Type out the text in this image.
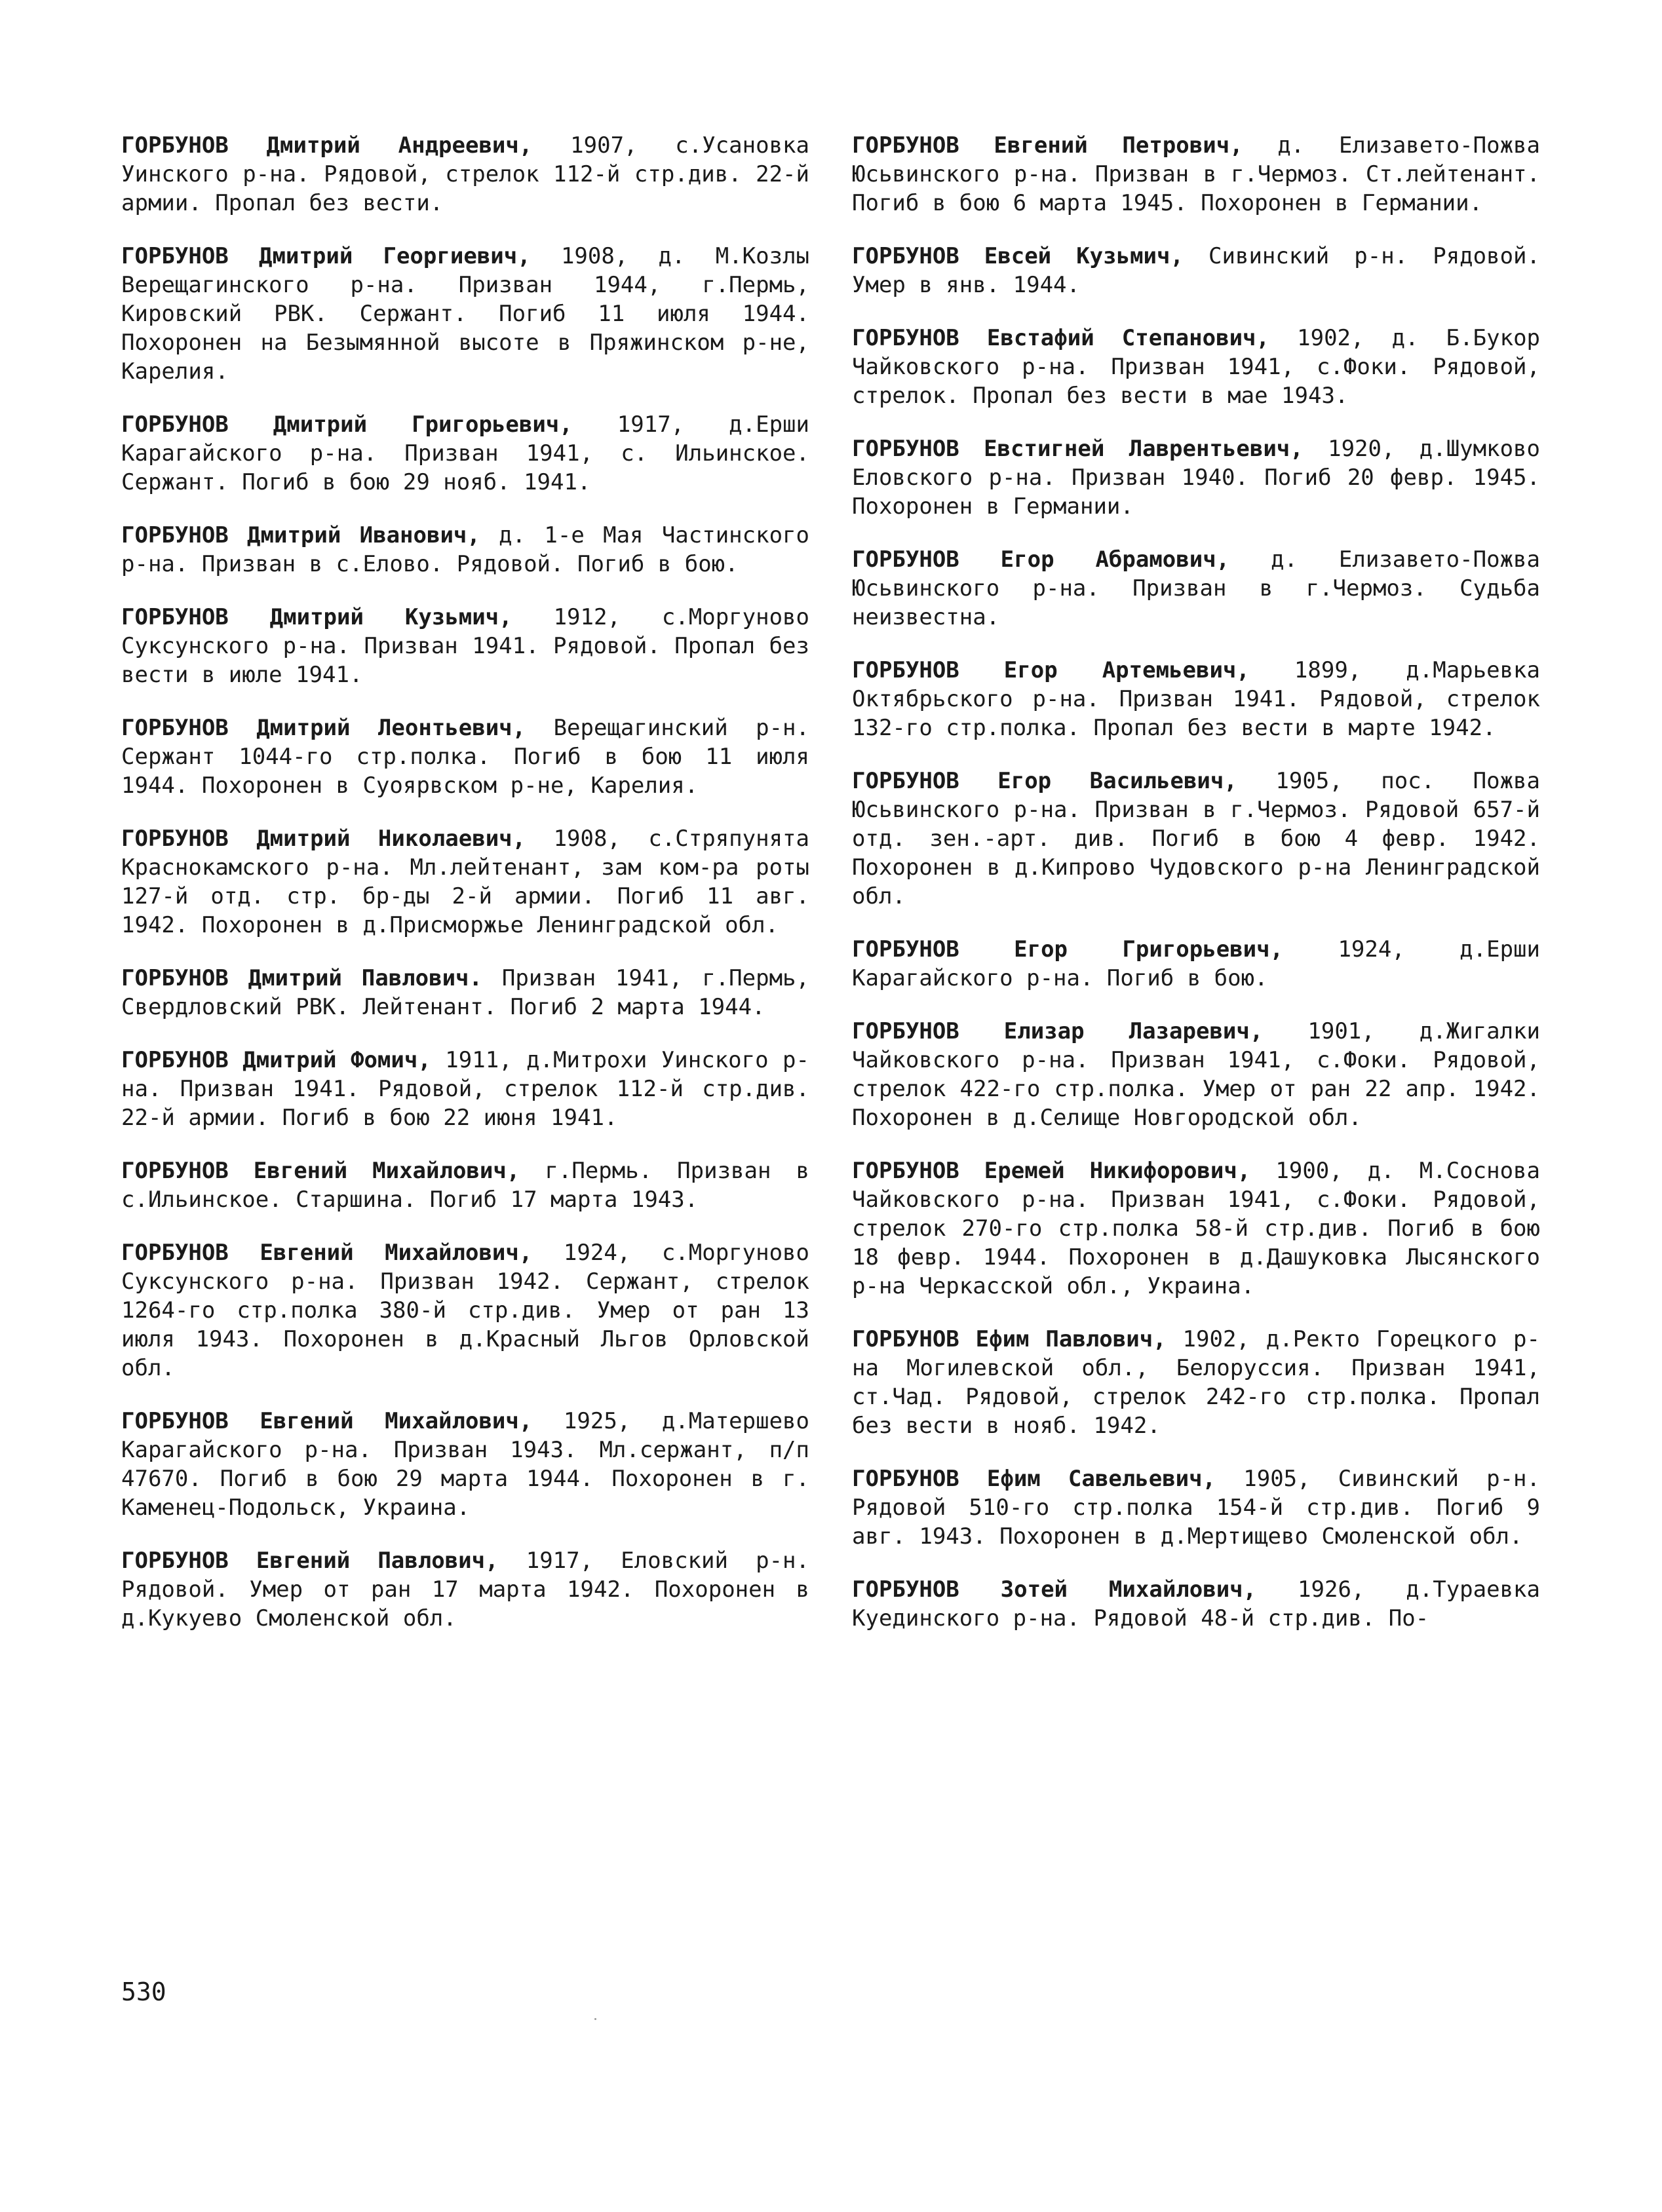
ГОРБУНОВ Дмитрий Андреевич, 1907, с.Усановка Уинского р-на. Рядовой, стрелок 112-й стр.див. 22-й армии. Пропал без вести.

ГОРБУНОВ Дмитрий Георгиевич, 1908, д. М.Козлы Верещагинского р-на. Призван 1944, г.Пермь, Кировский РВК. Сержант. Погиб 11 июля 1944. Похоронен на Безымянной высоте в Пряжинском р-не, Карелия.

ГОРБУНОВ Дмитрий Григорьевич, 1917, д.Ерши Карагайского р-на. Призван 1941, с. Ильинское. Сержант. Погиб в бою 29 нояб. 1941.

ГОРБУНОВ Дмитрий Иванович, д. 1-е Мая Частинского р-на. Призван в с.Елово. Рядовой. Погиб в бою.

ГОРБУНОВ Дмитрий Кузьмич, 1912, с.Моргуново Суксунского р-на. Призван 1941. Рядовой. Пропал без вести в июле 1941.

ГОРБУНОВ Дмитрий Леонтьевич, Верещагинский р-н. Сержант 1044-го стр.полка. Погиб в бою 11 июля 1944. Похоронен в Суоярвском р-не, Карелия.

ГОРБУНОВ Дмитрий Николаевич, 1908, с.Стряпунята Краснокамского р-на. Мл.лейтенант, зам ком-ра роты 127-й отд. стр. бр-ды 2-й армии. Погиб 11 авг. 1942. Похоронен в д.Присморжье Ленинградской обл.

ГОРБУНОВ Дмитрий Павлович. Призван 1941, г.Пермь, Свердловский РВК. Лейтенант. Погиб 2 марта 1944.

ГОРБУНОВ Дмитрий Фомич, 1911, д.Митрохи Уинского р-на. Призван 1941. Рядовой, стрелок 112-й стр.див. 22-й армии. Погиб в бою 22 июня 1941.

ГОРБУНОВ Евгений Михайлович, г.Пермь. Призван в с.Ильинское. Старшина. Погиб 17 марта 1943.

ГОРБУНОВ Евгений Михайлович, 1924, с.Моргуново Суксунского р-на. Призван 1942. Сержант, стрелок 1264-го стр.полка 380-й стр.див. Умер от ран 13 июля 1943. Похоронен в д.Красный Льгов Орловской обл.

ГОРБУНОВ Евгений Михайлович, 1925, д.Матершево Карагайского р-на. Призван 1943. Мл.сержант, п/п 47670. Погиб в бою 29 марта 1944. Похоронен в г. Каменец-Подольск, Украина.

ГОРБУНОВ Евгений Павлович, 1917, Еловский р-н. Рядовой. Умер от ран 17 марта 1942. Похоронен в д.Кукуево Смоленской обл.

ГОРБУНОВ Евгений Петрович, д. Елизавето-Пожва Юсьвинского р-на. Призван в г.Чермоз. Ст.лейтенант. Погиб в бою 6 марта 1945. Похоронен в Германии.

ГОРБУНОВ Евсей Кузьмич, Сивинский р-н. Рядовой. Умер в янв. 1944.

ГОРБУНОВ Евстафий Степанович, 1902, д. Б.Букор Чайковского р-на. Призван 1941, с.Фоки. Рядовой, стрелок. Пропал без вести в мае 1943.

ГОРБУНОВ Евстигней Лаврентьевич, 1920, д.Шумково Еловского р-на. Призван 1940. Погиб 20 февр. 1945. Похоронен в Германии.

ГОРБУНОВ Егор Абрамович, д. Елизавето-Пожва Юсьвинского р-на. Призван в г.Чермоз. Судьба неизвестна.

ГОРБУНОВ Егор Артемьевич, 1899, д.Марьевка Октябрьского р-на. Призван 1941. Рядовой, стрелок 132-го стр.полка. Пропал без вести в марте 1942.

ГОРБУНОВ Егор Васильевич, 1905, пос. Пожва Юсьвинского р-на. Призван в г.Чермоз. Рядовой 657-й отд. зен.-арт. див. Погиб в бою 4 февр. 1942. Похоронен в д.Кипрово Чудовского р-на Ленинградской обл.

ГОРБУНОВ Егор Григорьевич, 1924, д.Ерши Карагайского р-на. Погиб в бою.

ГОРБУНОВ Елизар Лазаревич, 1901, д.Жигалки Чайковского р-на. Призван 1941, с.Фоки. Рядовой, стрелок 422-го стр.полка. Умер от ран 22 апр. 1942. Похоронен в д.Селище Новгородской обл.

ГОРБУНОВ Еремей Никифорович, 1900, д. М.Соснова Чайковского р-на. Призван 1941, с.Фоки. Рядовой, стрелок 270-го стр.полка 58-й стр.див. Погиб в бою 18 февр. 1944. Похоронен в д.Дашуковка Лысянского р-на Черкасской обл., Украина.

ГОРБУНОВ Ефим Павлович, 1902, д.Ректо Горецкого р-на Могилевской обл., Белоруссия. Призван 1941, ст.Чад. Рядовой, стрелок 242-го стр.полка. Пропал без вести в нояб. 1942.

ГОРБУНОВ Ефим Савельевич, 1905, Сивинский р-н. Рядовой 510-го стр.полка 154-й стр.див. Погиб 9 авг. 1943. Похоронен в д.Мертищево Смоленской обл.

ГОРБУНОВ Зотей Михайлович, 1926, д.Тураевка Куединского р-на. Рядовой 48-й стр.див. По-

530
